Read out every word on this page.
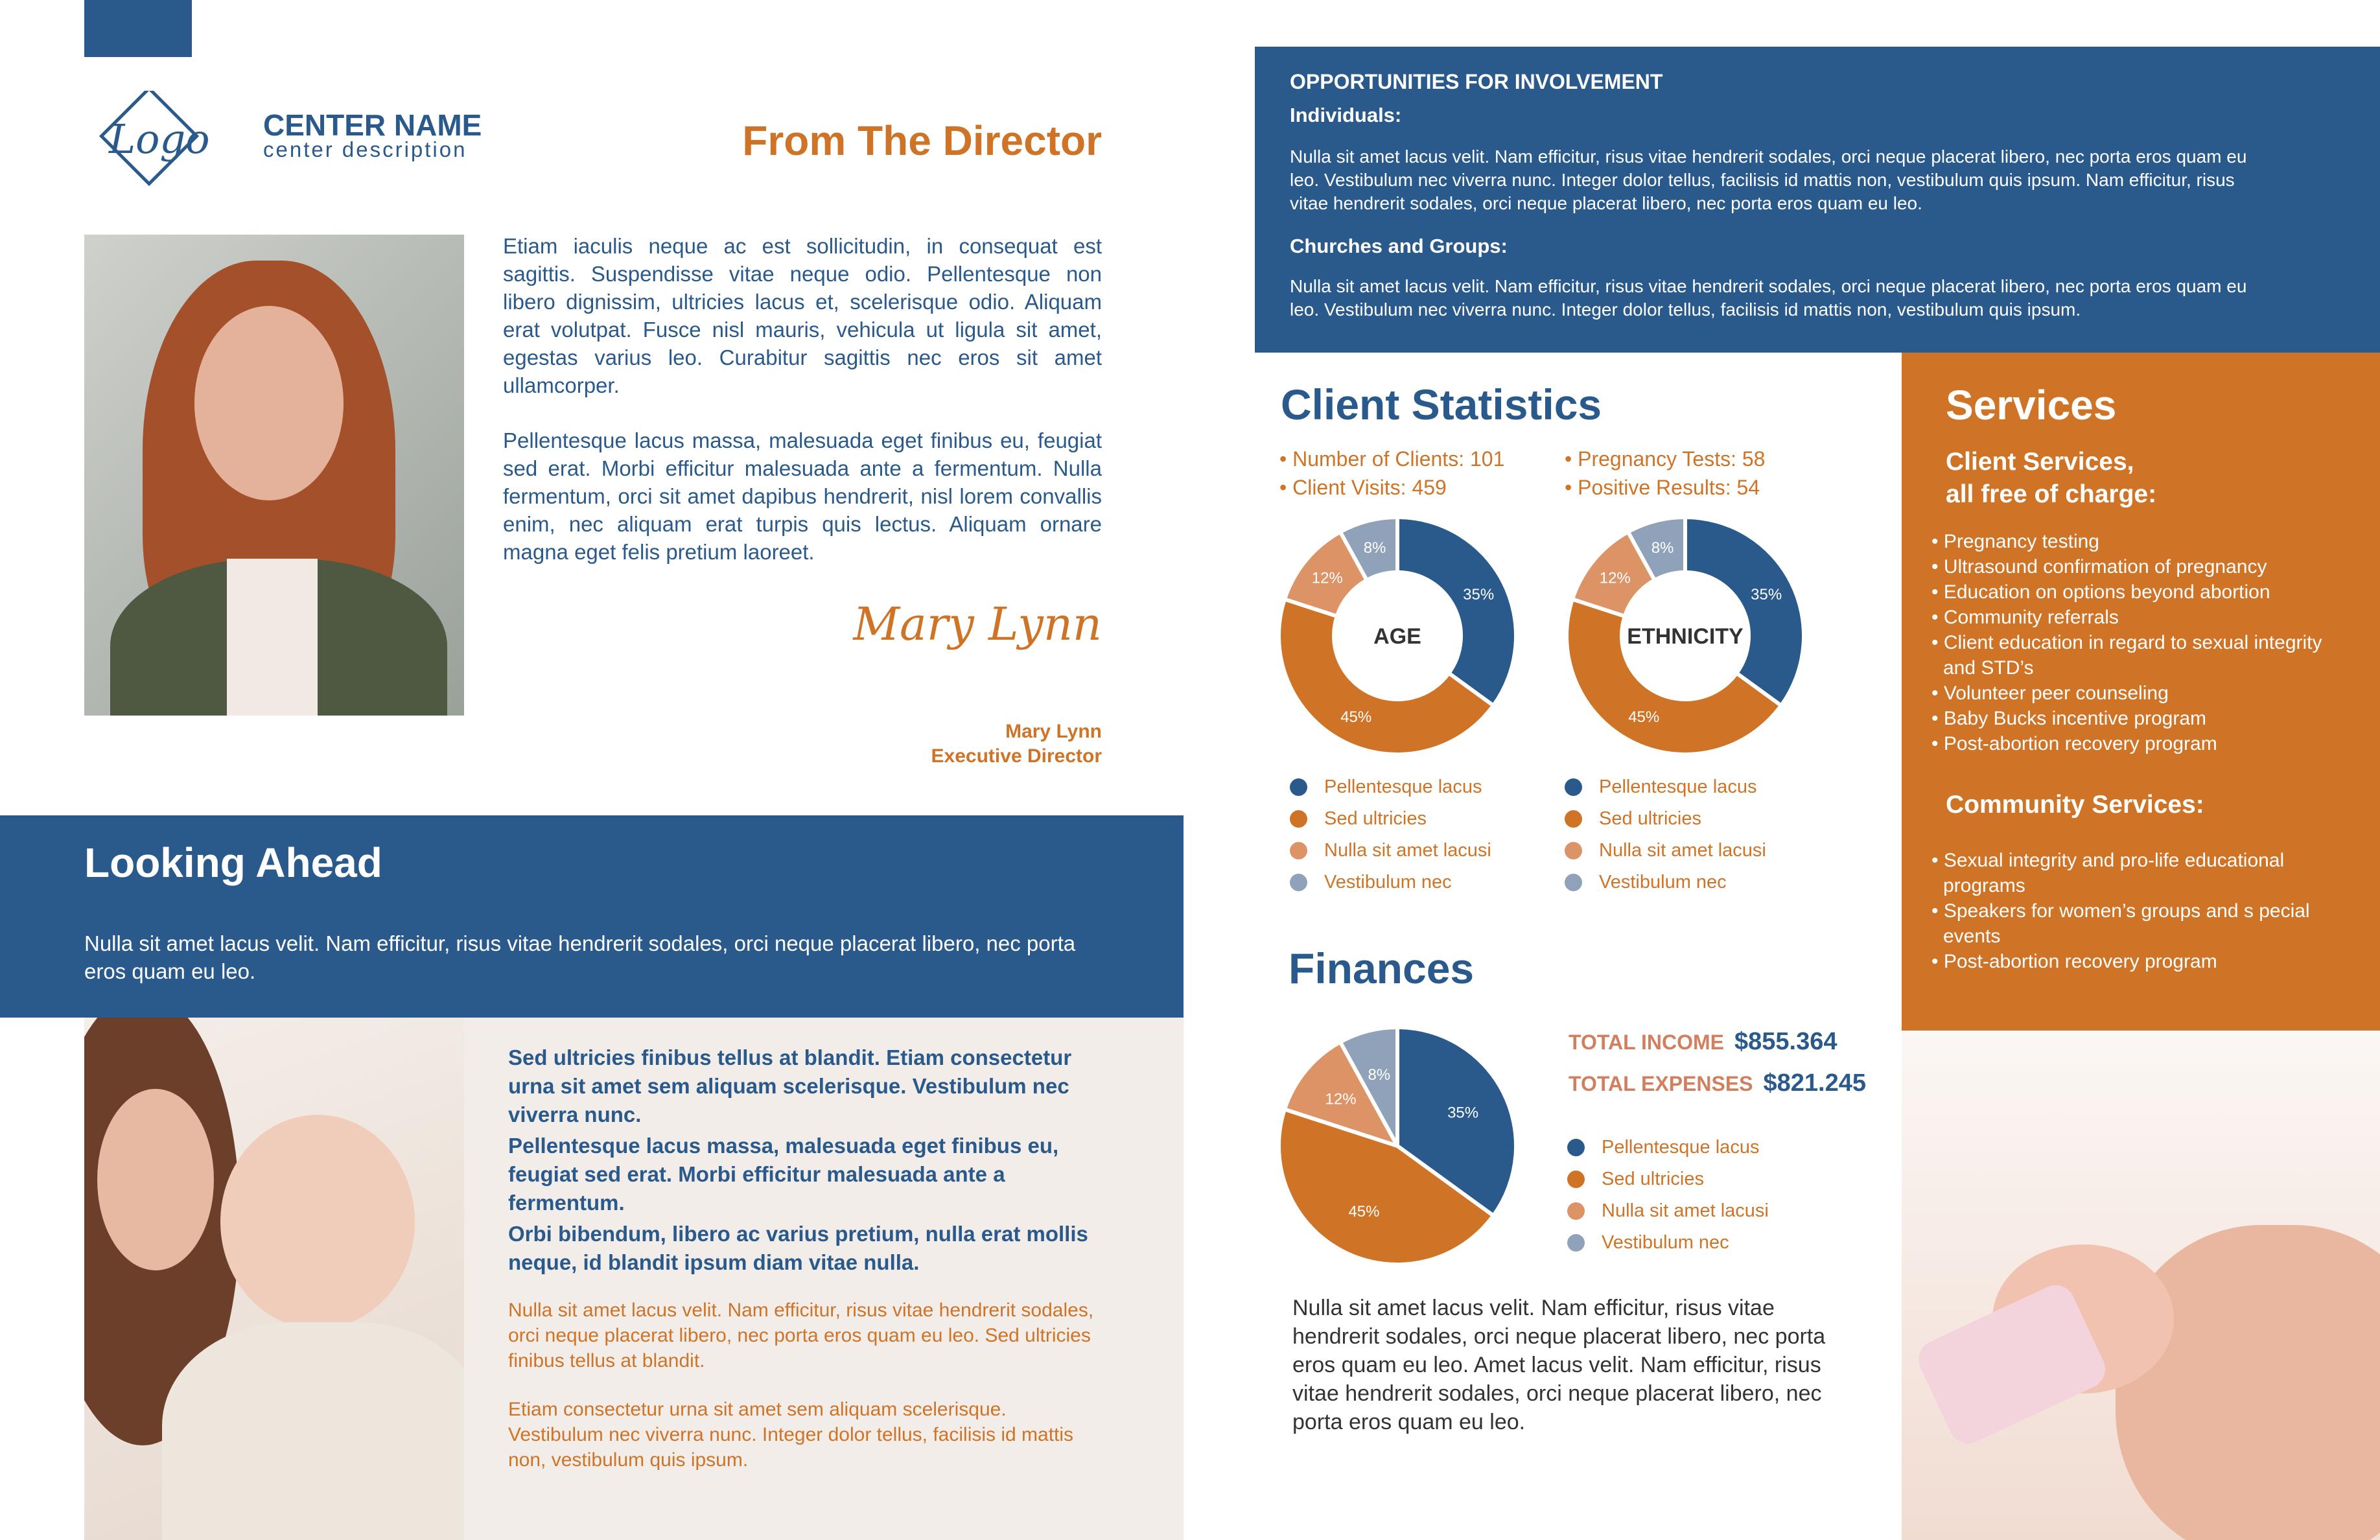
Logo CENTER NAME
center description	From The Director

Etiam iaculis neque ac est sollicitudin, in consequat est sagittis. Suspendisse vitae neque odio. Pellentesque non libero dignissim, ultricies lacus et, scelerisque odio. Aliquam erat volutpat. Fusce nisl mauris, vehicula ut ligula sit amet, egestas varius leo. Curabitur sagittis nec eros sit amet ullamcorper.

Pellentesque lacus massa, malesuada eget finibus eu, feugiat sed erat. Morbi efficitur malesuada ante a fermentum. Nulla fermentum, orci sit amet dapibus hendrerit, nisl lorem convallis enim, nec aliquam erat turpis quis lectus. Aliquam ornare magna eget felis pretium laoreet.

Mary Lynn
Mary Lynn
Executive Director
Looking Ahead
Nulla sit amet lacus velit. Nam efficitur, risus vitae hendrerit sodales, orci neque placerat libero, nec porta eros quam eu leo.

Sed ultricies finibus tellus at blandit. Etiam consectetur urna sit amet sem aliquam scelerisque. Vestibulum nec viverra nunc.

Pellentesque lacus massa, malesuada eget finibus eu, feugiat sed erat. Morbi efficitur malesuada ante a fermentum.

Orbi bibendum, libero ac varius pretium, nulla erat mollis neque, id blandit ipsum diam vitae nulla.

Nulla sit amet lacus velit. Nam efficitur, risus vitae hendrerit sodales, orci neque placerat libero, nec porta eros quam eu leo. Sed ultricies finibus tellus at blandit.

Etiam consectetur urna sit amet sem aliquam scelerisque. Vestibulum nec viverra nunc. Integer dolor tellus, facilisis id mattis non, vestibulum quis ipsum.

OPPORTUNITIES FOR INVOLVEMENT
Individuals:
Nulla sit amet lacus velit. Nam efficitur, risus vitae hendrerit sodales, orci neque placerat libero, nec porta eros quam eu leo. Vestibulum nec viverra nunc. Integer dolor tellus, facilisis id mattis non, vestibulum quis ipsum. Nam efficitur, risus vitae hendrerit sodales, orci neque placerat libero, nec porta eros quam eu leo.
Churches and Groups:
Nulla sit amet lacus velit. Nam efficitur, risus vitae hendrerit sodales, orci neque placerat libero, nec porta eros quam eu leo. Vestibulum nec viverra nunc. Integer dolor tellus, facilisis id mattis non, vestibulum quis ipsum.
Client Statistics
• Number of Clients: 101
• Client Visits: 459
• Pregnancy Tests: 58
• Positive Results: 54
35%
45%
12%
8%
AGE
35%
45%
12%
8%
ETHNICITY
Pellentesque lacus
Sed ultricies
Nulla sit amet lacusi
Vestibulum nec
Pellentesque lacus
Sed ultricies
Nulla sit amet lacusi
Vestibulum nec
Finances
35%
45%
12%
8%
TOTAL INCOME $855.364
TOTAL EXPENSES $821.245
Pellentesque lacus
Sed ultricies
Nulla sit amet lacusi
Vestibulum nec
Nulla sit amet lacus velit. Nam efficitur, risus vitae hendrerit sodales, orci neque placerat libero, nec porta eros quam eu leo. Amet lacus velit. Nam efficitur, risus vitae hendrerit sodales, orci neque placerat libero, nec porta eros quam eu leo.
Services
Client Services,
all free of charge:
• Pregnancy testing
• Ultrasound confirmation of pregnancy
• Education on options beyond abortion
• Community referrals
• Client education in regard to sexual integrity and STD’s
• Volunteer peer counseling
• Baby Bucks incentive program
• Post-abortion recovery program
Community Services:
• Sexual integrity and pro-life educational programs
• Speakers for women’s groups and s pecial events
• Post-abortion recovery program
